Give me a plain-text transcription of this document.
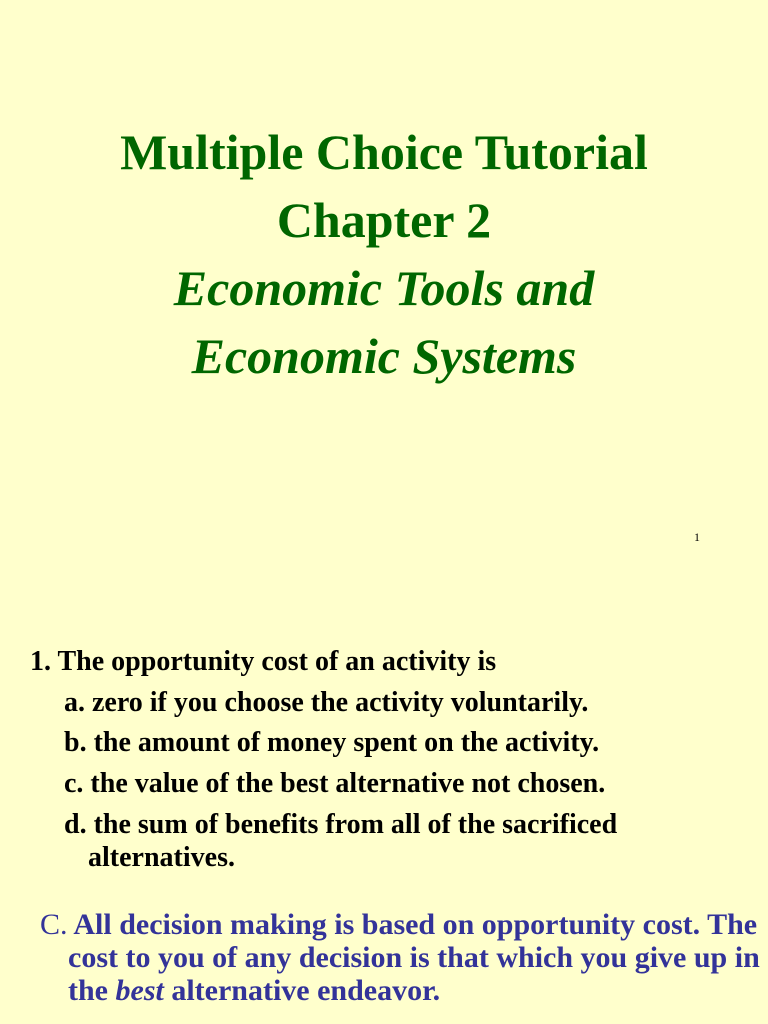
Multiple Choice Tutorial
Chapter 2
Economic Tools and
Economic Systems
1

1. The opportunity cost of an activity is

a. zero if you choose the activity voluntarily.

b. the amount of money spent on the activity.

c. the value of the best alternative not chosen.

d. the sum of benefits from all of the sacrificed alternatives.

C. All decision making is based on opportunity cost. The cost to you of any decision is that which you give up in the best alternative endeavor.
